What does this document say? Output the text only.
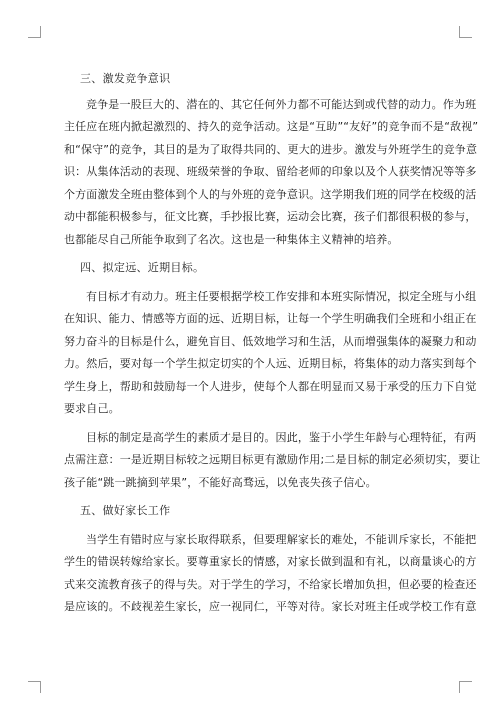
三、激发竞争意识
竞争是一股巨大的、潜在的、其它任何外力都不可能达到或代替的动力。作为班
主任应在班内掀起激烈的、持久的竞争活动。这是“互助”“友好”的竞争而不是“敌视”
和“保守”的竞争，其目的是为了取得共同的、更大的进步。激发与外班学生的竞争意
识：从集体活动的表现、班级荣誉的争取、留给老师的印象以及个人获奖情况等等多
个方面激发全班由整体到个人的与外班的竞争意识。这学期我们班的同学在校级的活
动中都能积极参与，征文比赛，手抄报比赛，运动会比赛，孩子们都很积极的参与，
也都能尽自己所能争取到了名次。这也是一种集体主义精神的培养。
四、拟定远、近期目标。
有目标才有动力。班主任要根据学校工作安排和本班实际情况，拟定全班与小组
在知识、能力、情感等方面的远、近期目标，让每一个学生明确我们全班和小组正在
努力奋斗的目标是什么，避免盲目、低效地学习和生活，从而增强集体的凝聚力和动
力。然后，要对每一个学生拟定切实的个人远、近期目标，将集体的动力落实到每个
学生身上，帮助和鼓励每一个人进步，使每个人都在明显而又易于承受的压力下自觉
要求自己。
目标的制定是高学生的素质才是目的。因此，鉴于小学生年龄与心理特征，有两
点需注意：一是近期目标较之远期目标更有激励作用;二是目标的制定必须切实，要让
孩子能“跳一跳摘到苹果”，不能好高骛远，以免丧失孩子信心。
五、做好家长工作
当学生有错时应与家长取得联系，但要理解家长的难处，不能训斥家长，不能把
学生的错误转嫁给家长。要尊重家长的情感，对家长做到温和有礼，以商量谈心的方
式来交流教育孩子的得与失。对于学生的学习，不给家长增加负担，但必要的检查还
是应该的。不歧视差生家长，应一视同仁，平等对待。家长对班主任或学校工作有意
